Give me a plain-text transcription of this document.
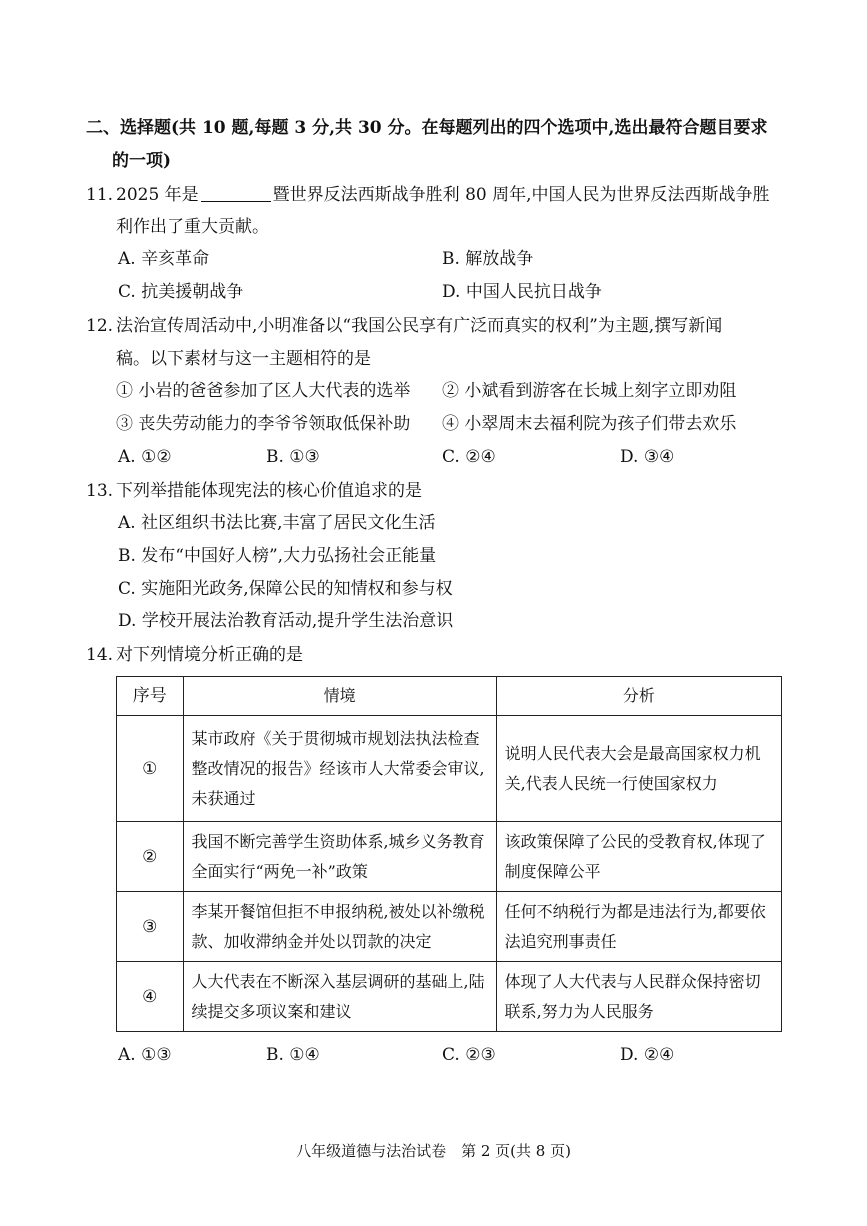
二、选择题(共 10 题,每题 3 分,共 30 分。在每题列出的四个选项中,选出最符合题目要求
的一项)
11. 2025 年是	暨世界反法西斯战争胜利 80 周年,中国人民为世界反法西斯战争胜
利作出了重大贡献。
A. 辛亥革命	B. 解放战争
C. 抗美援朝战争	D. 中国人民抗日战争
12. 法治宣传周活动中,小明准备以“我国公民享有广泛而真实的权利”为主题,撰写新闻
稿。以下素材与这一主题相符的是
① 小岩的爸爸参加了区人大代表的选举 ② 小斌看到游客在长城上刻字立即劝阻
③ 丧失劳动能力的李爷爷领取低保补助 ④ 小翠周末去福利院为孩子们带去欢乐
A. ①②	B. ①③	C. ②④	D. ③④
13. 下列举措能体现宪法的核心价值追求的是
A. 社区组织书法比赛,丰富了居民文化生活
B. 发布“中国好人榜”,大力弘扬社会正能量
C. 实施阳光政务,保障公民的知情权和参与权
D. 学校开展法治教育活动,提升学生法治意识
14. 对下列情境分析正确的是
序号	情境	分析
①	某市政府《关于贯彻城市规划法执法检查整改情况的报告》经该市人大常委会审议,未获通过	说明人民代表大会是最高国家权力机关,代表人民统一行使国家权力
②	我国不断完善学生资助体系,城乡义务教育全面实行“两免一补”政策	该政策保障了公民的受教育权,体现了制度保障公平
③	李某开餐馆但拒不申报纳税,被处以补缴税款、加收滞纳金并处以罚款的决定	任何不纳税行为都是违法行为,都要依法追究刑事责任
④	人大代表在不断深入基层调研的基础上,陆续提交多项议案和建议	体现了人大代表与人民群众保持密切联系,努力为人民服务
A. ①③	B. ①④	C. ②③	D. ②④
八年级道德与法治试卷　第 2 页(共 8 页)
